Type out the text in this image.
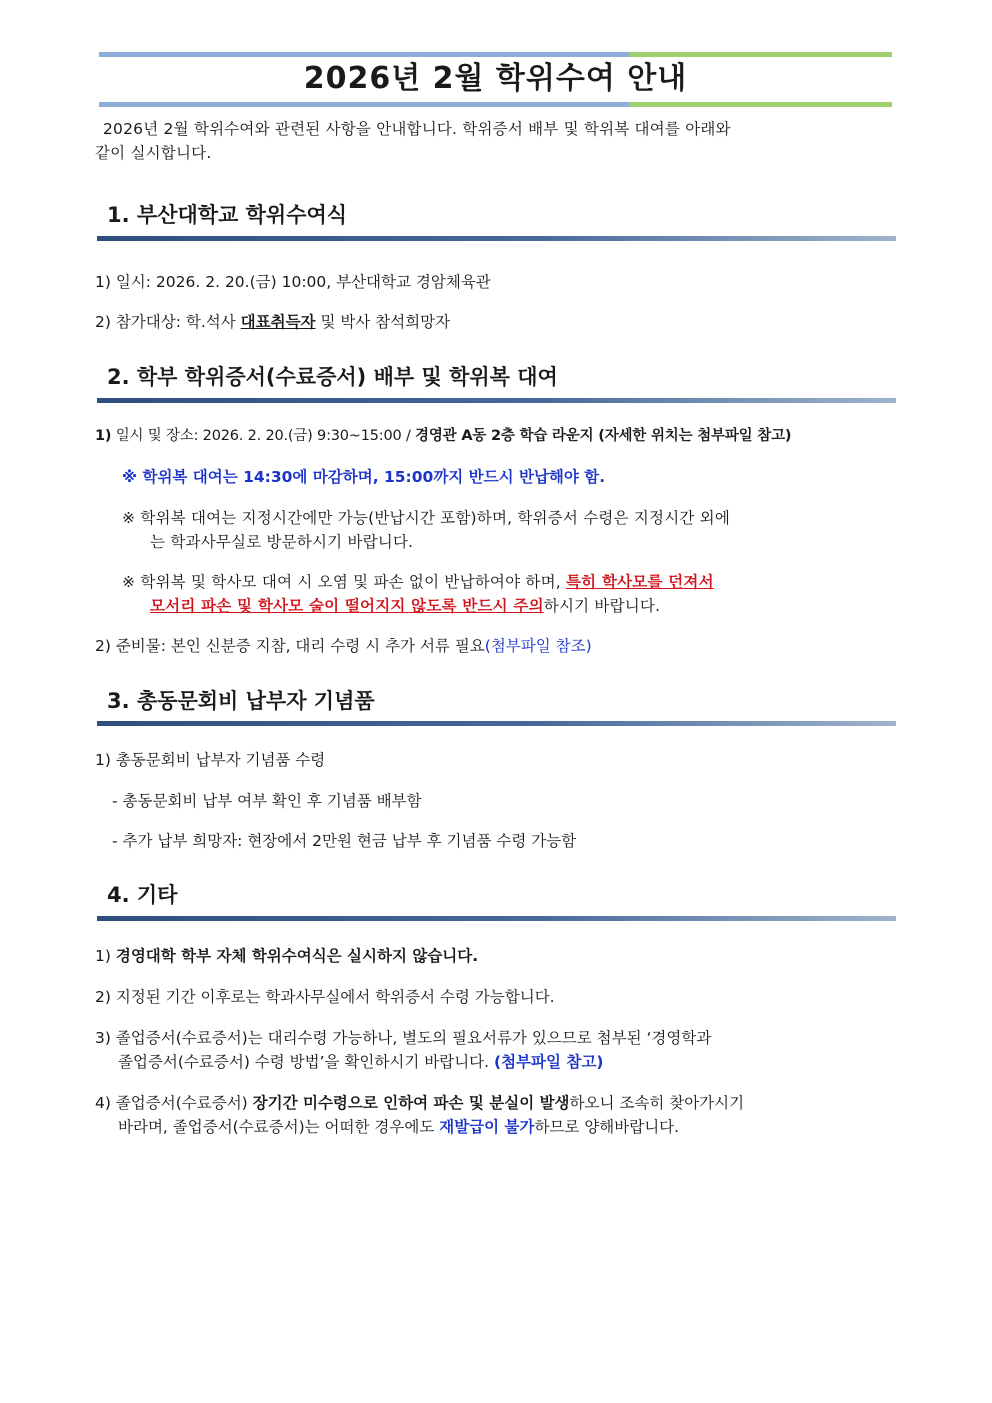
2026년 2월 학위수여 안내
2026년 2월 학위수여와 관련된 사항을 안내합니다. 학위증서 배부 및 학위복 대여를 아래와
같이 실시합니다.
1. 부산대학교 학위수여식
1) 일시: 2026. 2. 20.(금) 10:00, 부산대학교 경암체육관
2) 참가대상: 학.석사 대표취득자 및 박사 참석희망자
2. 학부 학위증서(수료증서) 배부 및 학위복 대여
1) 일시 및 장소: 2026. 2. 20.(금) 9:30~15:00 / 경영관 A동 2층 학습 라운지 (자세한 위치는 첨부파일 참고)
※ 학위복 대여는 14:30에 마감하며, 15:00까지 반드시 반납해야 함.
※ 학위복 대여는 지정시간에만 가능(반납시간 포함)하며, 학위증서 수령은 지정시간 외에
는 학과사무실로 방문하시기 바랍니다.
※ 학위복 및 학사모 대여 시 오염 및 파손 없이 반납하여야 하며, 특히 학사모를 던져서
모서리 파손 및 학사모 술이 떨어지지 않도록 반드시 주의하시기 바랍니다.
2) 준비물: 본인 신분증 지참, 대리 수령 시 추가 서류 필요(첨부파일 참조)
3. 총동문회비 납부자 기념품
1) 총동문회비 납부자 기념품 수령
- 총동문회비 납부 여부 확인 후 기념품 배부함
- 추가 납부 희망자: 현장에서 2만원 현금 납부 후 기념품 수령 가능함
4. 기타
1) 경영대학 학부 자체 학위수여식은 실시하지 않습니다.
2) 지정된 기간 이후로는 학과사무실에서 학위증서 수령 가능합니다.
3) 졸업증서(수료증서)는 대리수령 가능하나, 별도의 필요서류가 있으므로 첨부된 ‘경영학과
졸업증서(수료증서) 수령 방법’을 확인하시기 바랍니다. (첨부파일 참고)
4) 졸업증서(수료증서) 장기간 미수령으로 인하여 파손 및 분실이 발생하오니 조속히 찾아가시기
바라며, 졸업증서(수료증서)는 어떠한 경우에도 재발급이 불가하므로 양해바랍니다.
